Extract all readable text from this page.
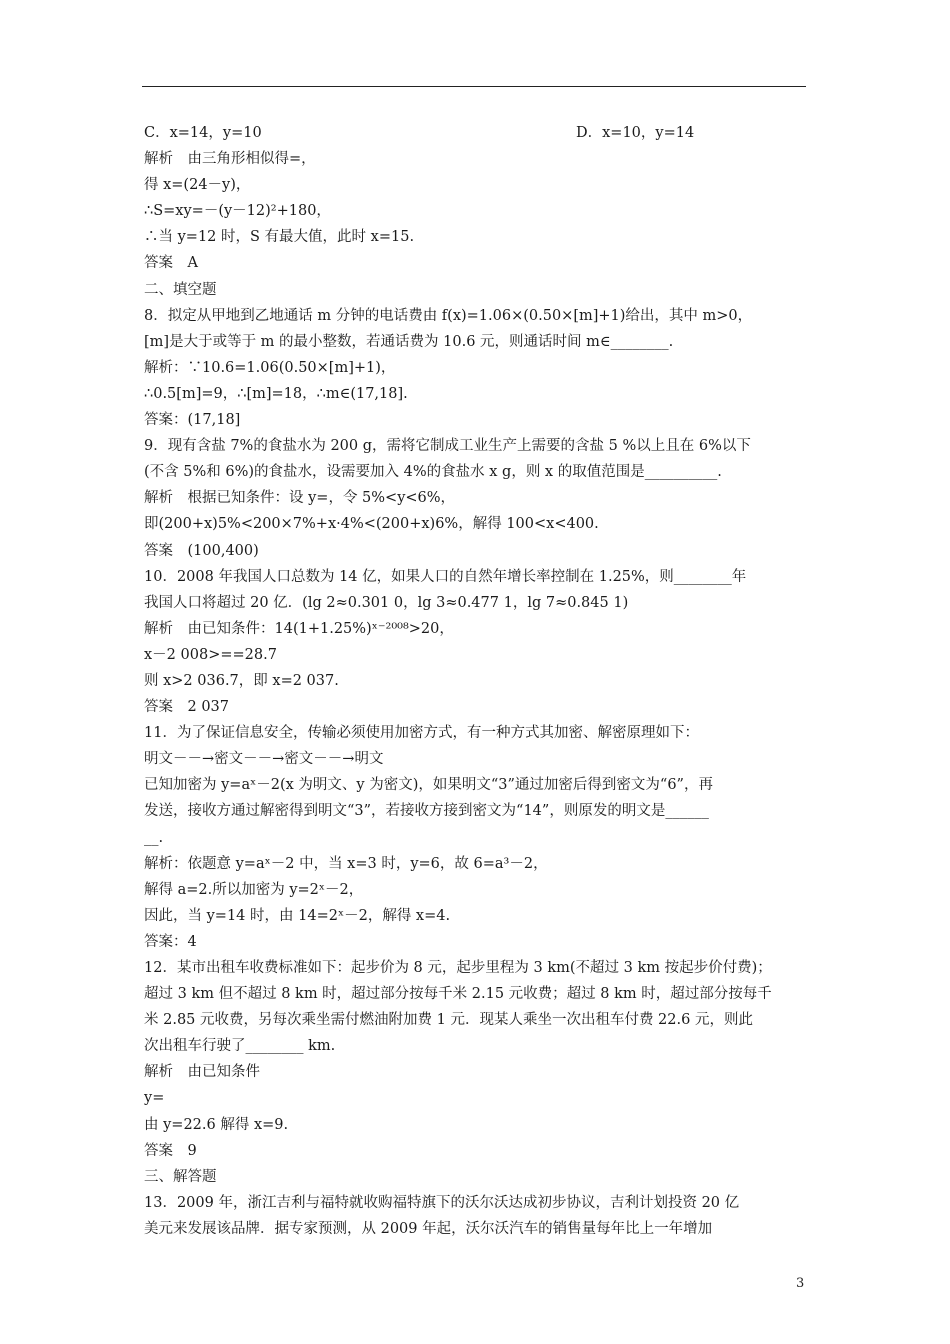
C．x=14，y=10	D．x=10，y=14
解析　由三角形相似得=，
得 x=(24－y)，
∴S=xy=－(y－12)²+180，
∴当 y=12 时，S 有最大值，此时 x=15.
答案　A
二、填空题
8．拟定从甲地到乙地通话 m 分钟的电话费由 f(x)=1.06×(0.50×[m]+1)给出，其中 m>0，
[m]是大于或等于 m 的最小整数，若通话费为 10.6 元，则通话时间 m∈________.
解析：∵10.6=1.06(0.50×[m]+1)，
∴0.5[m]=9，∴[m]=18，∴m∈(17,18].
答案：(17,18]
9．现有含盐 7%的食盐水为 200 g，需将它制成工业生产上需要的含盐 5 %以上且在 6%以下
(不含 5%和 6%)的食盐水，设需要加入 4%的食盐水 x g，则 x 的取值范围是__________.
解析　根据已知条件：设 y=，令 5%<y<6%，
即(200+x)5%<200×7%+x·4%<(200+x)6%，解得 100<x<400.
答案　(100,400)
10．2008 年我国人口总数为 14 亿，如果人口的自然年增长率控制在 1.25%，则________年
我国人口将超过 20 亿．(lg 2≈0.301 0，lg 3≈0.477 1，lg 7≈0.845 1)
解析　由已知条件：14(1+1.25%)ˣ⁻²⁰⁰⁸>20，
x－2 008>==28.7
则 x>2 036.7，即 x=2 037.
答案　2 037
11．为了保证信息安全，传输必须使用加密方式，有一种方式其加密、解密原理如下：
明文－－→密文－－→密文－－→明文
已知加密为 y=aˣ－2(x 为明文、y 为密文)，如果明文“3”通过加密后得到密文为“6”，再
发送，接收方通过解密得到明文“3”，若接收方接到密文为“14”，则原发的明文是______
__.
解析：依题意 y=aˣ－2 中，当 x=3 时，y=6，故 6=a³－2，
解得 a=2.所以加密为 y=2ˣ－2，
因此，当 y=14 时，由 14=2ˣ－2，解得 x=4.
答案：4
12．某市出租车收费标准如下：起步价为 8 元，起步里程为 3 km(不超过 3 km 按起步价付费)；
超过 3 km 但不超过 8 km 时，超过部分按每千米 2.15 元收费；超过 8 km 时，超过部分按每千
米 2.85 元收费，另每次乘坐需付燃油附加费 1 元．现某人乘坐一次出租车付费 22.6 元，则此
次出租车行驶了________ km.
解析　由已知条件
y=
由 y=22.6 解得 x=9.
答案　9
三、解答题
13．2009 年，浙江吉利与福特就收购福特旗下的沃尔沃达成初步协议，吉利计划投资 20 亿
美元来发展该品牌．据专家预测，从 2009 年起，沃尔沃汽车的销售量每年比上一年增加
3
